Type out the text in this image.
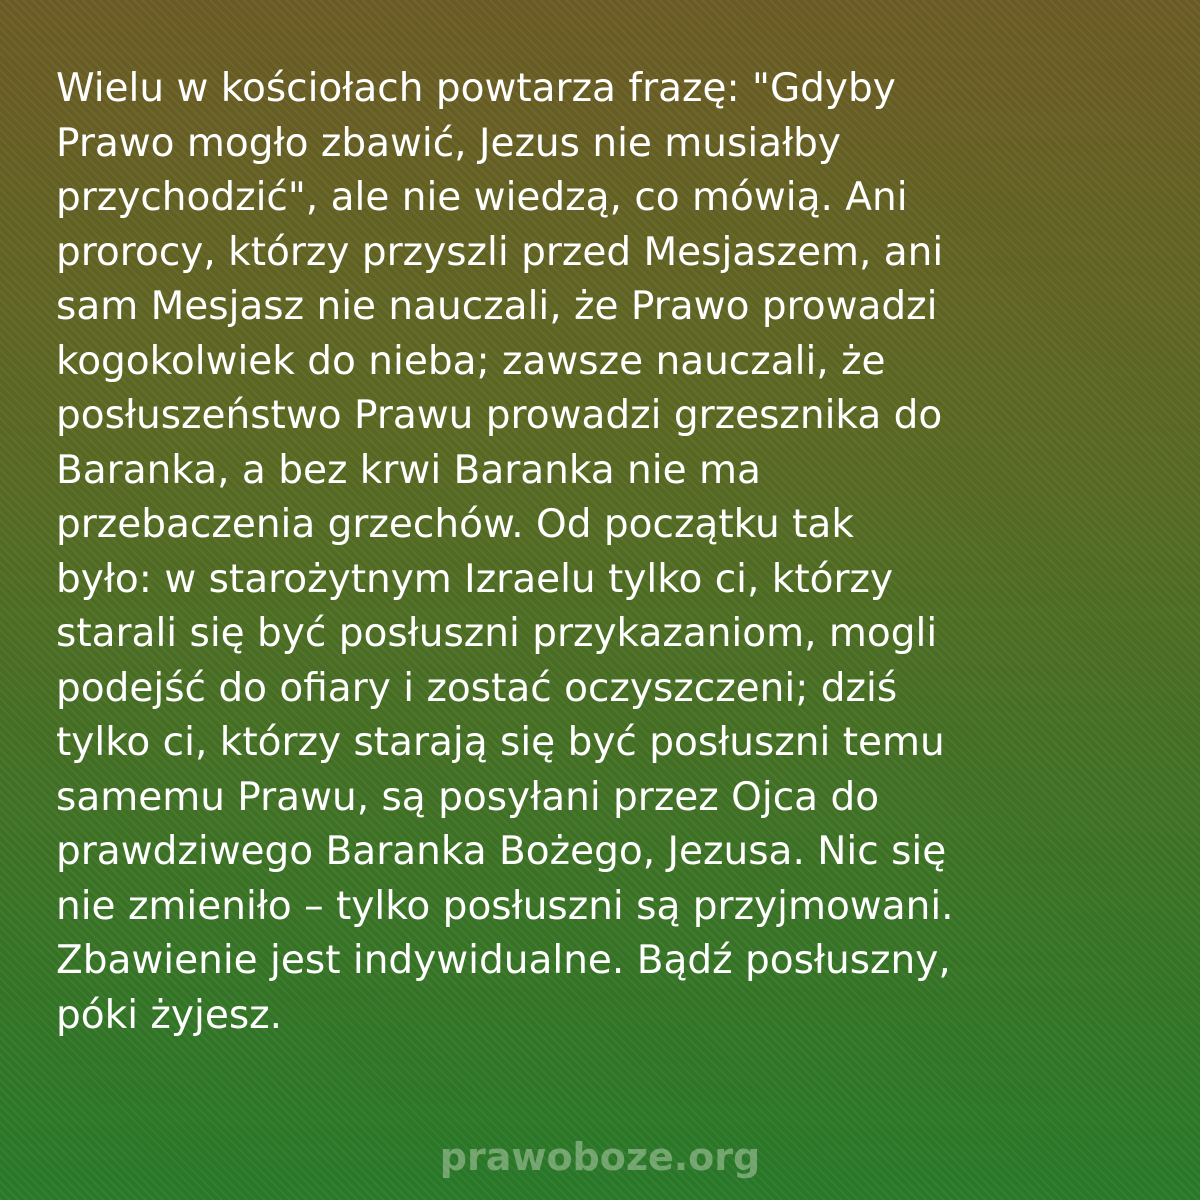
Wielu w kościołach powtarza frazę: "Gdyby
Prawo mogło zbawić, Jezus nie musiałby
przychodzić", ale nie wiedzą, co mówią. Ani
prorocy, którzy przyszli przed Mesjaszem, ani
sam Mesjasz nie nauczali, że Prawo prowadzi
kogokolwiek do nieba; zawsze nauczali, że
posłuszeństwo Prawu prowadzi grzesznika do
Baranka, a bez krwi Baranka nie ma
przebaczenia grzechów. Od początku tak
było: w starożytnym Izraelu tylko ci, którzy
starali się być posłuszni przykazaniom, mogli
podejść do ofiary i zostać oczyszczeni; dziś
tylko ci, którzy starają się być posłuszni temu
samemu Prawu, są posyłani przez Ojca do
prawdziwego Baranka Bożego, Jezusa. Nic się
nie zmieniło – tylko posłuszni są przyjmowani.
Zbawienie jest indywidualne. Bądź posłuszny,
póki żyjesz.

prawoboze.org
